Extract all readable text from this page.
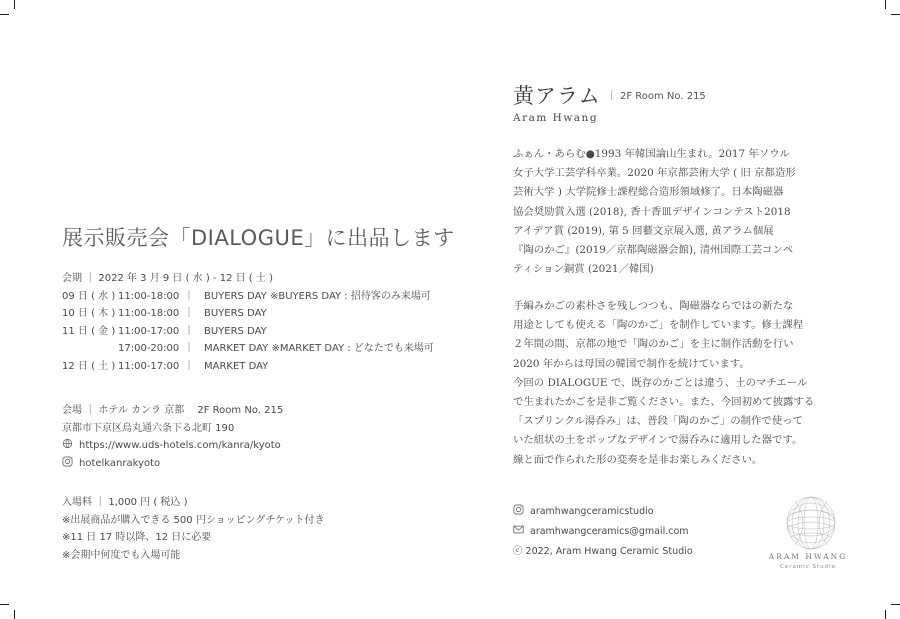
展示販売会「DIALOGUE」に出品します
会期 ｜ 2022 年 3 月 9 日 ( 水 ) - 12 日 ( 土 )
09 日 ( 水 ) 11:00-18:00 ｜　BUYERS DAY ※BUYERS DAY : 招待客のみ来場可
10 日 ( 木 ) 11:00-18:00 ｜　BUYERS DAY
11 日 ( 金 ) 11:00-17:00 ｜　BUYERS DAY
17:00-20:00 ｜　MARKET DAY ※MARKET DAY : どなたでも来場可
12 日 ( 土 ) 11:00-17:00 ｜　MARKET DAY
会場 ｜ ホテル カンラ 京都　 2F Room No. 215
京都市下京区烏丸通六条下る北町 190
https://www.uds-hotels.com/kanra/kyoto
hotelkanrakyoto
入場料 ｜ 1,000 円 ( 税込 )
※出展商品が購入できる 500 円ショッピングチケット付き
※11 日 17 時以降、12 日に必要
※会期中何度でも入場可能
黄アラム $^{| 2F Room No. 215}$
Aram Hwang
ふぁん・あらむ●1993 年韓国論山生まれ。2017 年ソウル
女子大学工芸学科卒業。2020 年京都芸術大学 ( 旧 京都造形
芸術大学 ) 大学院修士課程総合造形領域修了。日本陶磁器
協会奨励賞入選 (2018), 香十香皿デザインコンテスト2018
アイデア賞 (2019), 第 5 回藝文京展入選, 黄アラム個展
『陶のかご』(2019／京都陶磁器会館), 清州国際工芸コンペ
ティション銅賞 (2021／韓国)
手編みかごの素朴さを残しつつも、陶磁器ならではの新たな
用途としても使える「陶のかご」を制作しています。修士課程
２年間の間、京都の地で「陶のかご」を主に制作活動を行い
2020 年からは母国の韓国で制作を続けています。
今回の DIALOGUE で、既存のかごとは違う、土のマチエール
で生まれたかごを是非ご覧ください。また、今回初めて披露する
「スプリンクル湯呑み」は、普段「陶のかご」の制作で使って
いた紐状の土をポップなデザインで湯呑みに適用した器です。
線と面で作られた形の変奏を是非お楽しみください。
aramhwangceramicstudio
aramhwangceramics@gmail.com
ⓒ 2022, Aram Hwang Ceramic Studio	ARAM HWANG
Ceramic Studio
